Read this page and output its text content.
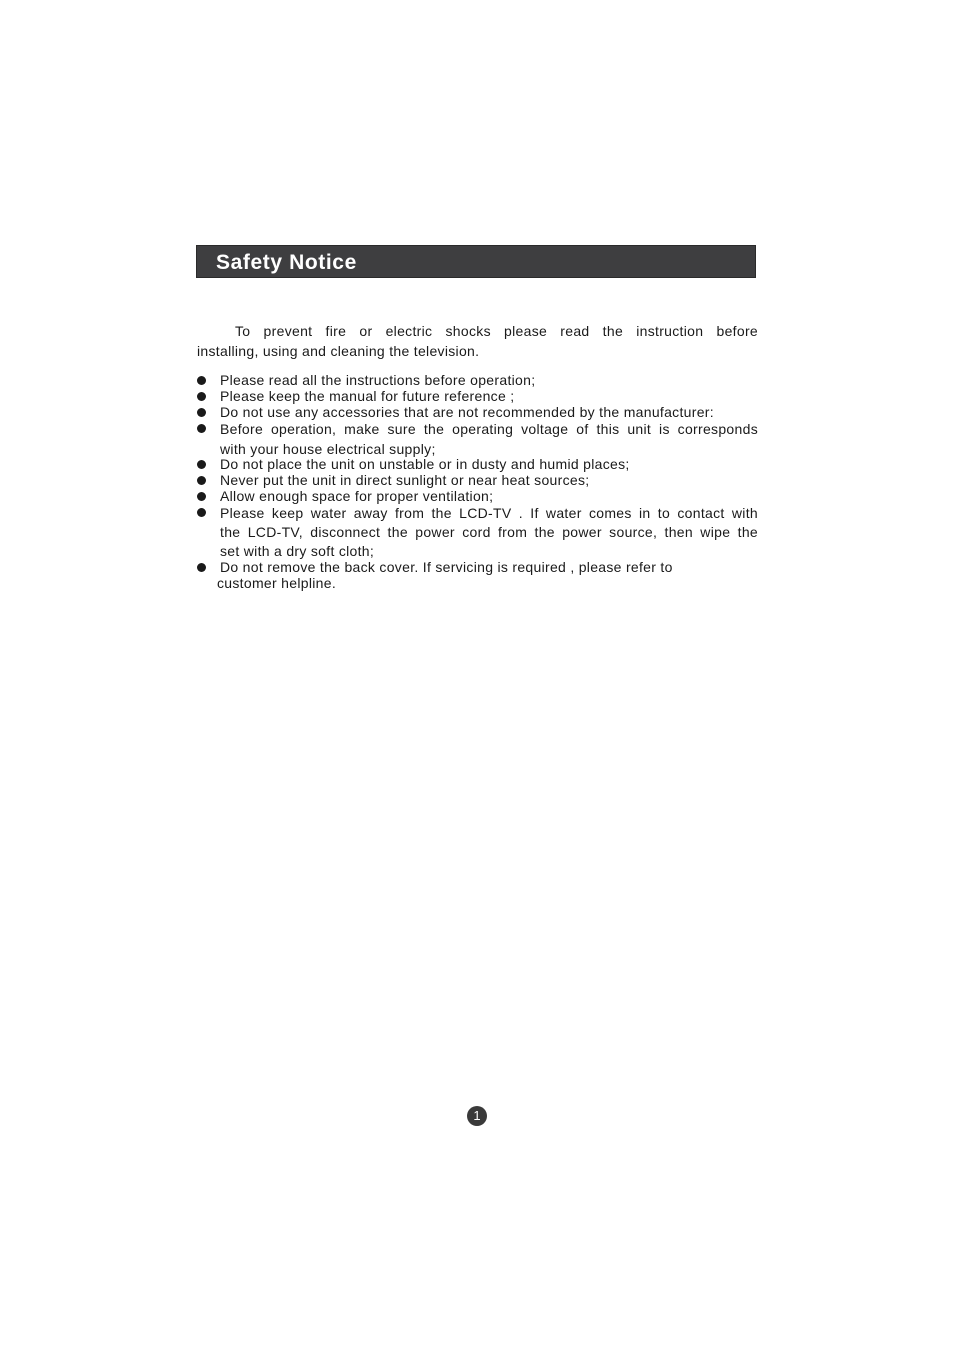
Safety Notice

To prevent fire or electric shocks please read the instruction before
installing, using and cleaning the television.

Please read all the instructions before operation;
Please keep the manual for future reference ;
Do not use any accessories that are not recommended by the manufacturer:
Before operation, make sure the operating voltage of this unit is corresponds
with your house electrical supply;
Do not place the unit on unstable or in dusty and humid places;
Never put the unit in direct sunlight or near heat sources;
Allow enough space for proper ventilation;
Please keep water away from the LCD-TV . If water comes in to contact with
the LCD-TV, disconnect the power cord from the power source, then wipe the
set with a dry soft cloth;
Do not remove the back cover. If servicing is required , please refer to
customer helpline.
1
